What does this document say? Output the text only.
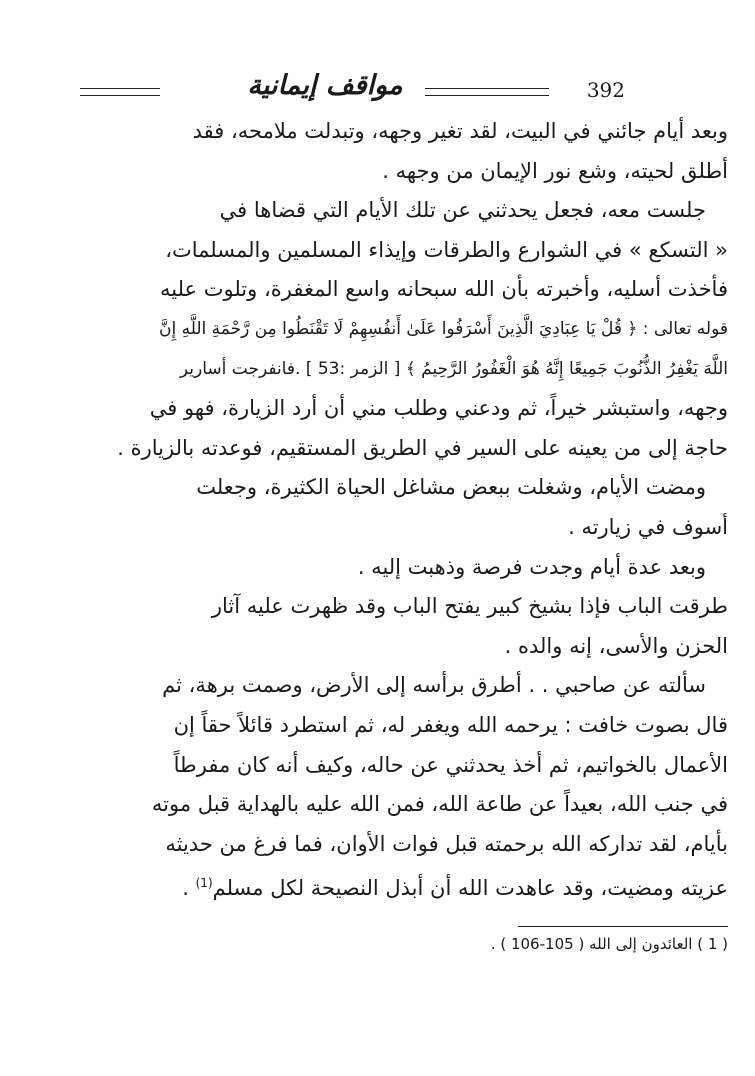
392
مواقف إيمانية

وبعد أيام جائني في البيت، لقد تغير وجهه، وتبدلت ملامحه، فقد

أطلق لحيته، وشع نور الإيمان من وجهه .

جلست معه، فجعل يحدثني عن تلك الأيام التي قضاها في

« التسكع » في الشوارع والطرقات وإيذاء المسلمين والمسلمات،

فأخذت أسليه، وأخبرته بأن الله سبحانه واسع المغفرة، وتلوت عليه

قوله تعالى : ﴿ قُلْ يَا عِبَادِيَ الَّذِينَ أَسْرَفُوا عَلَىٰ أَنفُسِهِمْ لَا تَقْنَطُوا مِن رَّحْمَةِ اللَّهِ إِنَّ

اللَّهَ يَغْفِرُ الذُّنُوبَ جَمِيعًا إِنَّهُ هُوَ الْغَفُورُ الرَّحِيمُ ﴾ [ الزمر :53 ] .فانفرجت أسارير

وجهه، واستبشر خيراً، ثم ودعني وطلب مني أن أرد الزيارة، فهو في

حاجة إلى من يعينه على السير في الطريق المستقيم، فوعدته بالزيارة .

ومضت الأيام، وشغلت ببعض مشاغل الحياة الكثيرة، وجعلت

أسوف في زيارته .

وبعد عدة أيام وجدت فرصة وذهبت إليه .

طرقت الباب فإذا بشيخ كبير يفتح الباب وقد ظهرت عليه آثار

الحزن والأسى، إنه والده .

سألته عن صاحبي . . أطرق برأسه إلى الأرض، وصمت برهة، ثم

قال بصوت خافت : يرحمه الله ويغفر له، ثم استطرد قائلاً حقاً إن

الأعمال بالخواتيم، ثم أخذ يحدثني عن حاله، وكيف أنه كان مفرطاً

في جنب الله، بعيداً عن طاعة الله، فمن الله عليه بالهداية قبل موته

بأيام، لقد تداركه الله برحمته قبل فوات الأوان، فما فرغ من حديثه

عزيته ومضيت، وقد عاهدت الله أن أبذل النصيحة لكل مسلم$^{(1)}$ .

( 1 ) العائدون إلى الله ( 105-106 ) .
